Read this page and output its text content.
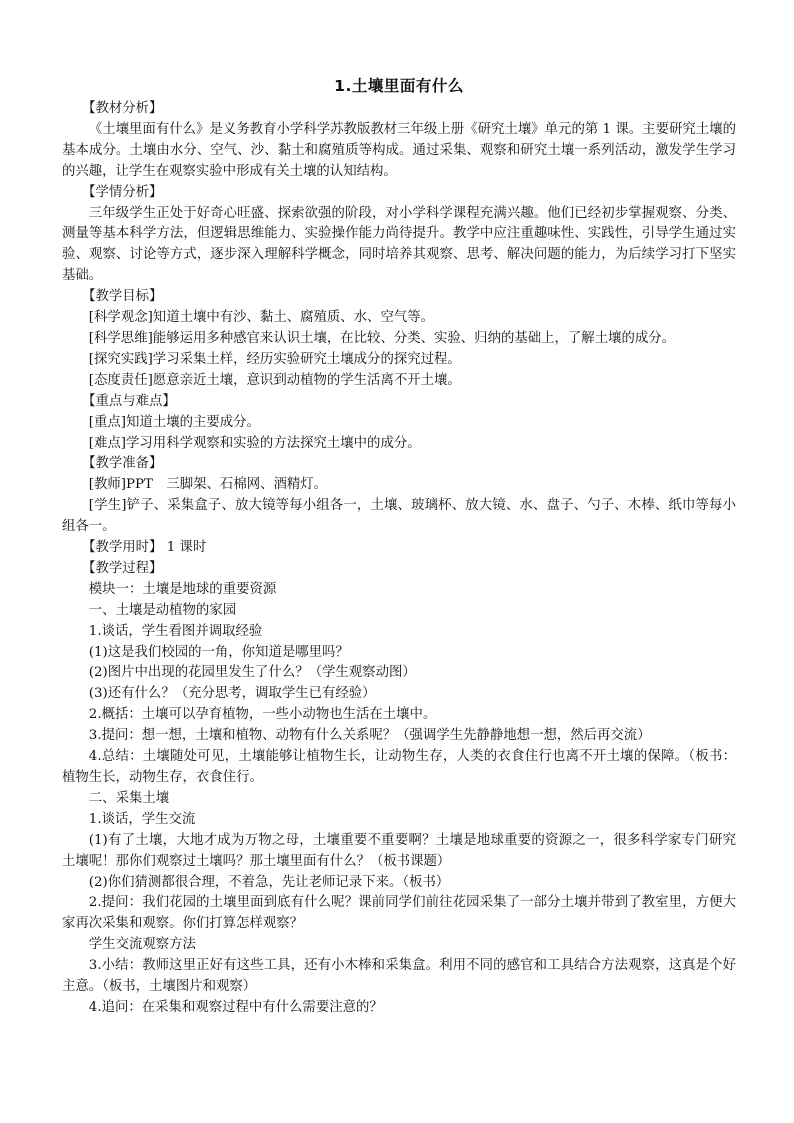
1.土壤里面有什么

【教材分析】

《土壤里面有什么》是义务教育小学科学苏教版教材三年级上册《研究土壤》单元的第 1 课。主要研究土壤的基本成分。土壤由水分、空气、沙、黏土和腐殖质等构成。通过采集、观察和研究土壤一系列活动，激发学生学习的兴趣，让学生在观察实验中形成有关土壤的认知结构。

【学情分析】

三年级学生正处于好奇心旺盛、探索欲强的阶段，对小学科学课程充满兴趣。他们已经初步掌握观察、分类、测量等基本科学方法，但逻辑思维能力、实验操作能力尚待提升。教学中应注重趣味性、实践性，引导学生通过实验、观察、讨论等方式，逐步深入理解科学概念，同时培养其观察、思考、解决问题的能力，为后续学习打下坚实基础。

【教学目标】

[科学观念]知道土壤中有沙、黏土、腐殖质、水、空气等。

[科学思维]能够运用多种感官来认识土壤，在比较、分类、实验、归纳的基础上，了解土壤的成分。

[探究实践]学习采集土样，经历实验研究土壤成分的探究过程。

[态度责任]愿意亲近土壤，意识到动植物的学生活离不开土壤。

【重点与难点】

[重点]知道土壤的主要成分。

[难点]学习用科学观察和实验的方法探究土壤中的成分。

【教学准备】

[教师]PPT　三脚架、石棉网、酒精灯。

[学生]铲子、采集盒子、放大镜等每小组各一，土壤、玻璃杯、放大镜、水、盘子、勺子、木棒、纸巾等每小组各一。

【教学用时】 1 课时

【教学过程】

模块一：土壤是地球的重要资源

一、土壤是动植物的家园

1.谈话，学生看图并调取经验

(1)这是我们校园的一角，你知道是哪里吗？

(2)图片中出现的花园里发生了什么？（学生观察动图）

(3)还有什么？（充分思考，调取学生已有经验）

2.概括：土壤可以孕育植物，一些小动物也生活在土壤中。

3.提问：想一想，土壤和植物、动物有什么关系呢？（强调学生先静静地想一想，然后再交流）

4.总结：土壤随处可见，土壤能够让植物生长，让动物生存，人类的衣食住行也离不开土壤的保障。（板书：植物生长，动物生存，衣食住行。

二、采集土壤

1.谈话，学生交流

(1)有了土壤，大地才成为万物之母，土壤重要不重要啊？土壤是地球重要的资源之一，很多科学家专门研究土壤呢！那你们观察过土壤吗？那土壤里面有什么？（板书课题）

(2)你们猜测都很合理，不着急，先让老师记录下来。（板书）

2.提问：我们花园的土壤里面到底有什么呢？课前同学们前往花园采集了一部分土壤并带到了教室里，方便大家再次采集和观察。你们打算怎样观察？

学生交流观察方法

3.小结：教师这里正好有这些工具，还有小木棒和采集盒。利用不同的感官和工具结合方法观察，这真是个好主意。（板书，土壤图片和观察）

4.追问：在采集和观察过程中有什么需要注意的？
